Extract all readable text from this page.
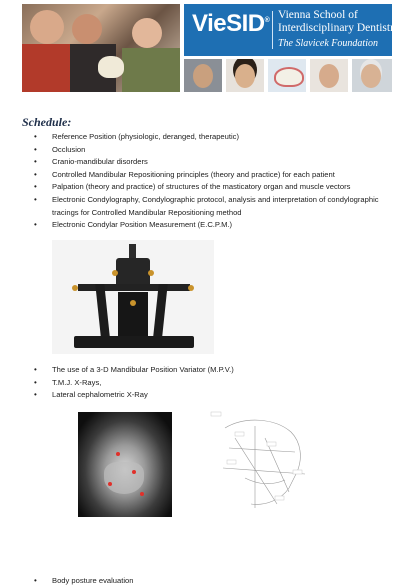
VieSID® Vienna School of
Interdisciplinary Dentistry
The Slavicek Foundation
Schedule:
• Reference Position (physiologic, deranged, therapeutic)
• Occlusion
• Cranio-mandibular disorders
• Controlled Mandibular Repositioning principles (theory and practice) for each patient
• Palpation (theory and practice) of structures of the masticatory organ and muscle vectors
• Electronic Condylography, Condylographic protocol, analysis and interpretation of condylographic tracings for Controlled Mandibular Repositioning method
• Electronic Condylar Position Measurement (E.C.P.M.)
• The use of a 3-D Mandibular Position Variator (M.P.V.)
• T.M.J. X-Rays,
• Lateral cephalometric X-Ray
• Body posture evaluation
